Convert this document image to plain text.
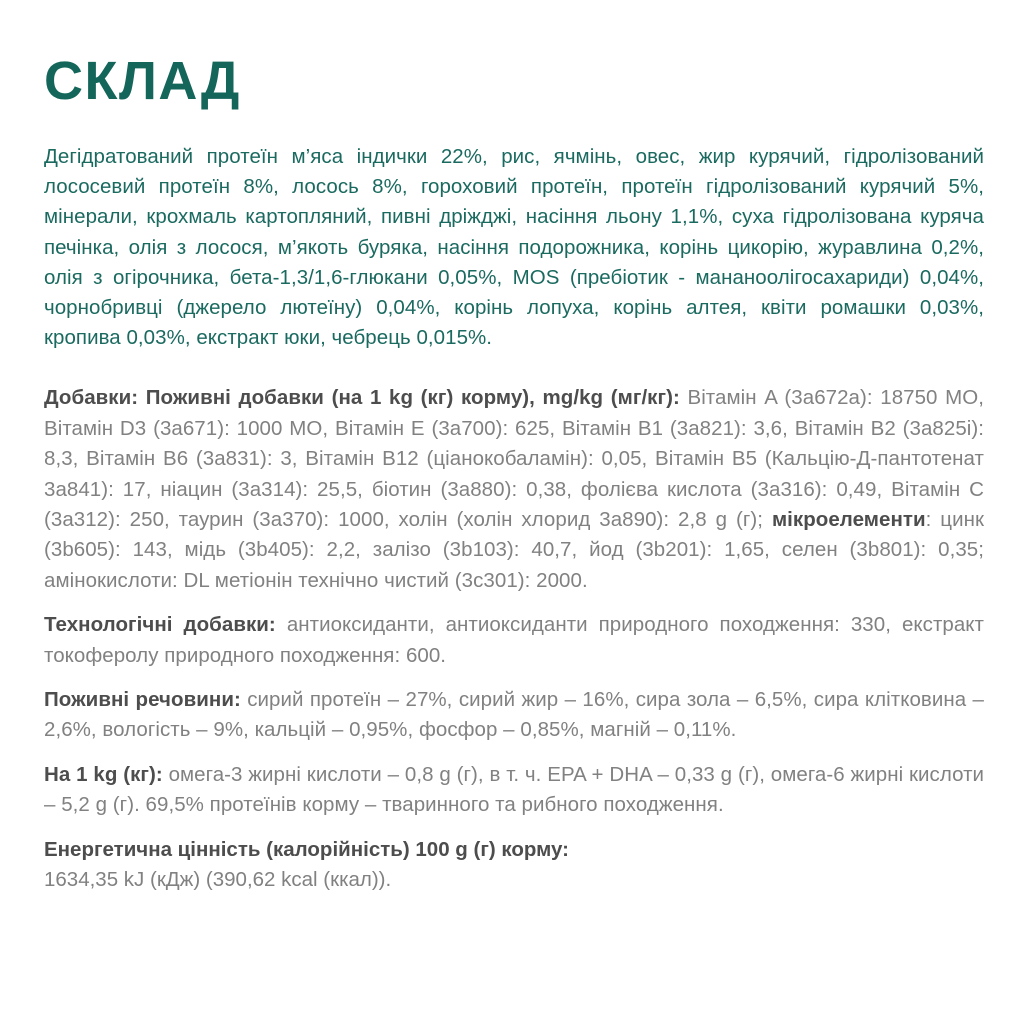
СКЛАД

Дегідратований протеїн м’яса індички 22%, рис, ячмінь, овес, жир курячий, гідролізований лососевий протеїн 8%, лосось 8%, гороховий протеїн, протеїн гідролізований курячий 5%, мінерали, крохмаль картопляний, пивні дріжджі, насіння льону 1,1%, суха гідролізована куряча печінка, олія з лосося, м’якоть буряка, насіння подорожника, корінь цикорію, журавлина 0,2%, олія з огірочника, бета-1,3/1,6-глюкани 0,05%, MOS (пребіотик - мананоолігосахариди) 0,04%, чорнобривці (джерело лютеїну) 0,04%, корінь лопуха, корінь алтея, квіти ромашки 0,03%, кропива 0,03%, екстракт юки, чебрець 0,015%.

Добавки: Поживні добавки (на 1 kg (кг) корму), mg/kg (мг/кг): Вітамін A (3a672a): 18750 МО, Вітамін D3 (3a671): 1000 МО, Вітамін E (3a700): 625, Вітамін B1 (3a821): 3,6, Вітамін B2 (3a825i): 8,3, Вітамін B6 (3a831): 3, Вітамін B12 (ціанокобаламін): 0,05, Вітамін B5 (Кальцію-Д-пантотенат 3a841): 17, ніацин (3a314): 25,5, біотин (3a880): 0,38, фолієва кислота (3a316): 0,49, Вітамін C (3a312): 250, таурин (3a370): 1000, холін (холін хлорид 3a890): 2,8 g (г); мікроелементи: цинк (3b605): 143, мідь (3b405): 2,2, залізо (3b103): 40,7, йод (3b201): 1,65, селен (3b801): 0,35; амінокислоти: DL метіонін технічно чистий (3c301): 2000.

Технологічні добавки: антиоксиданти, антиоксиданти природного походження: 330, екстракт токоферолу природного походження: 600.

Поживні речовини: сирий протеїн – 27%, сирий жир – 16%, сира зола – 6,5%, сира клітковина – 2,6%, вологість – 9%, кальцій – 0,95%, фосфор – 0,85%, магній – 0,11%.

На 1 kg (кг): омега-3 жирні кислоти – 0,8 g (г), в т. ч. EPA + DHA – 0,33 g (г), омега-6 жирні кислоти – 5,2 g (г). 69,5% протеїнів корму – тваринного та рибного походження.

Енергетична цінність (калорійність) 100 g (г) корму:

1634,35 kJ (кДж) (390,62 kcal (ккал)).
